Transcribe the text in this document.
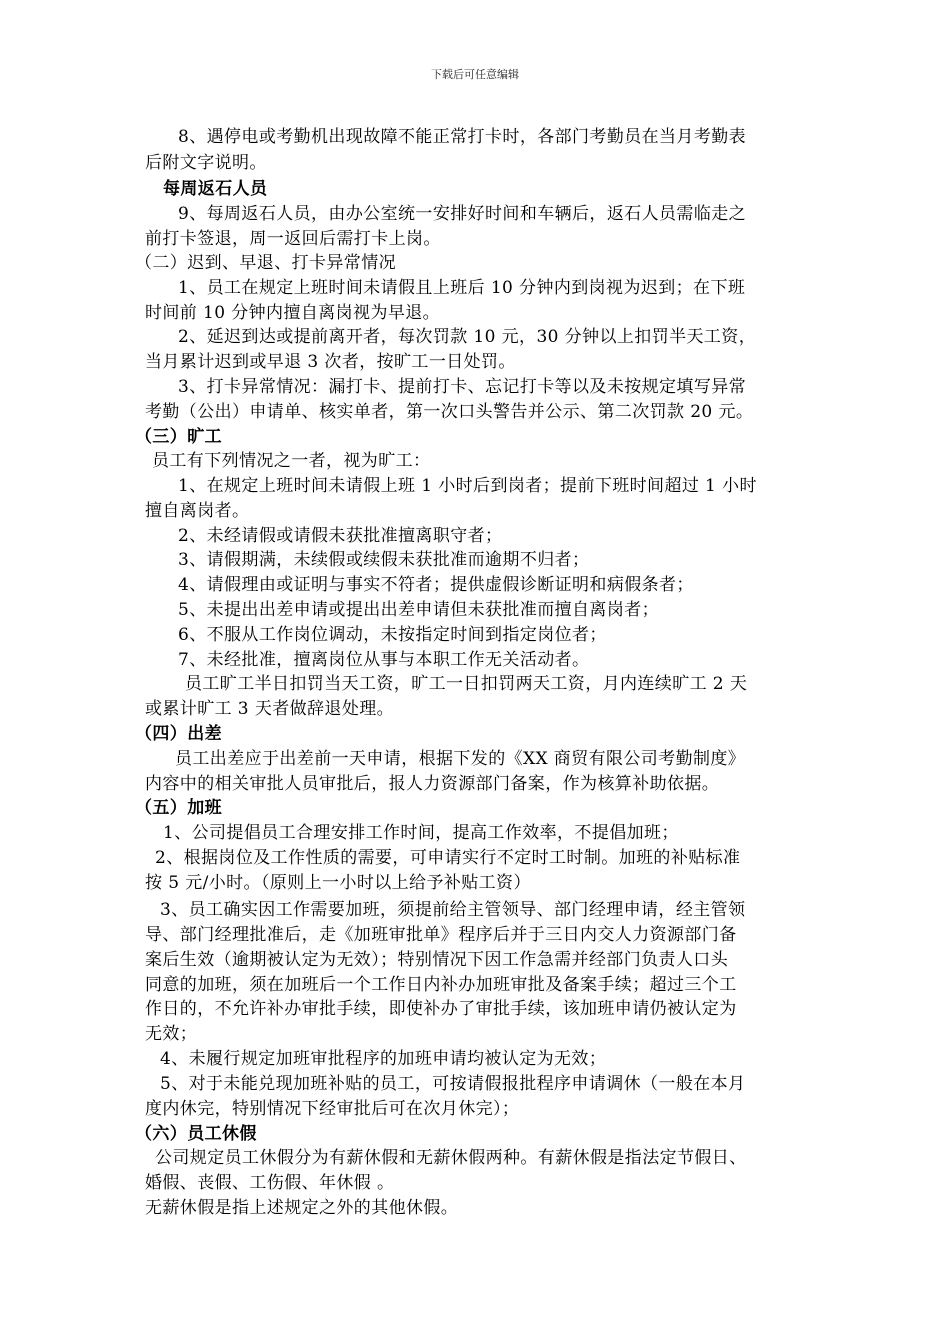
下载后可任意编辑
8、遇停电或考勤机出现故障不能正常打卡时，各部门考勤员在当月考勤表
后附文字说明。
每周返石人员
9、每周返石人员，由办公室统一安排好时间和车辆后，返石人员需临走之
前打卡签退，周一返回后需打卡上岗。
（二）迟到、早退、打卡异常情况
1、员工在规定上班时间未请假且上班后 10 分钟内到岗视为迟到；在下班
时间前 10 分钟内擅自离岗视为早退。
2、延迟到达或提前离开者，每次罚款 10 元，30 分钟以上扣罚半天工资，
当月累计迟到或早退 3 次者，按旷工一日处罚。
3、打卡异常情况：漏打卡、提前打卡、忘记打卡等以及未按规定填写异常
考勤（公出）申请单、核实单者，第一次口头警告并公示、第二次罚款 20 元。
（三）旷工
员工有下列情况之一者，视为旷工：
1、在规定上班时间未请假上班 1 小时后到岗者；提前下班时间超过 1 小时
擅自离岗者。
2、未经请假或请假未获批准擅离职守者；
3、请假期满，未续假或续假未获批准而逾期不归者；
4、请假理由或证明与事实不符者；提供虚假诊断证明和病假条者；
5、未提出出差申请或提出出差申请但未获批准而擅自离岗者；
6、不服从工作岗位调动，未按指定时间到指定岗位者；
7、未经批准，擅离岗位从事与本职工作无关活动者。
员工旷工半日扣罚当天工资，旷工一日扣罚两天工资，月内连续旷工 2 天
或累计旷工 3 天者做辞退处理。
（四）出差
员工出差应于出差前一天申请，根据下发的《XX 商贸有限公司考勤制度》
内容中的相关审批人员审批后，报人力资源部门备案，作为核算补助依据。
（五）加班
1、公司提倡员工合理安排工作时间，提高工作效率，不提倡加班；
2、根据岗位及工作性质的需要，可申请实行不定时工时制。加班的补贴标准
按 5 元/小时。（原则上一小时以上给予补贴工资）
3、员工确实因工作需要加班，须提前给主管领导、部门经理申请，经主管领
导、部门经理批准后，走《加班审批单》程序后并于三日内交人力资源部门备
案后生效（逾期被认定为无效）；特别情况下因工作急需并经部门负责人口头
同意的加班，须在加班后一个工作日内补办加班审批及备案手续；超过三个工
作日的，不允许补办审批手续，即使补办了审批手续，该加班申请仍被认定为
无效；
4、未履行规定加班审批程序的加班申请均被认定为无效；
5、对于未能兑现加班补贴的员工，可按请假报批程序申请调休（一般在本月
度内休完，特别情况下经审批后可在次月休完）；
（六）员工休假
公司规定员工休假分为有薪休假和无薪休假两种。有薪休假是指法定节假日、
婚假、丧假、工伤假、年休假 。
无薪休假是指上述规定之外的其他休假。
